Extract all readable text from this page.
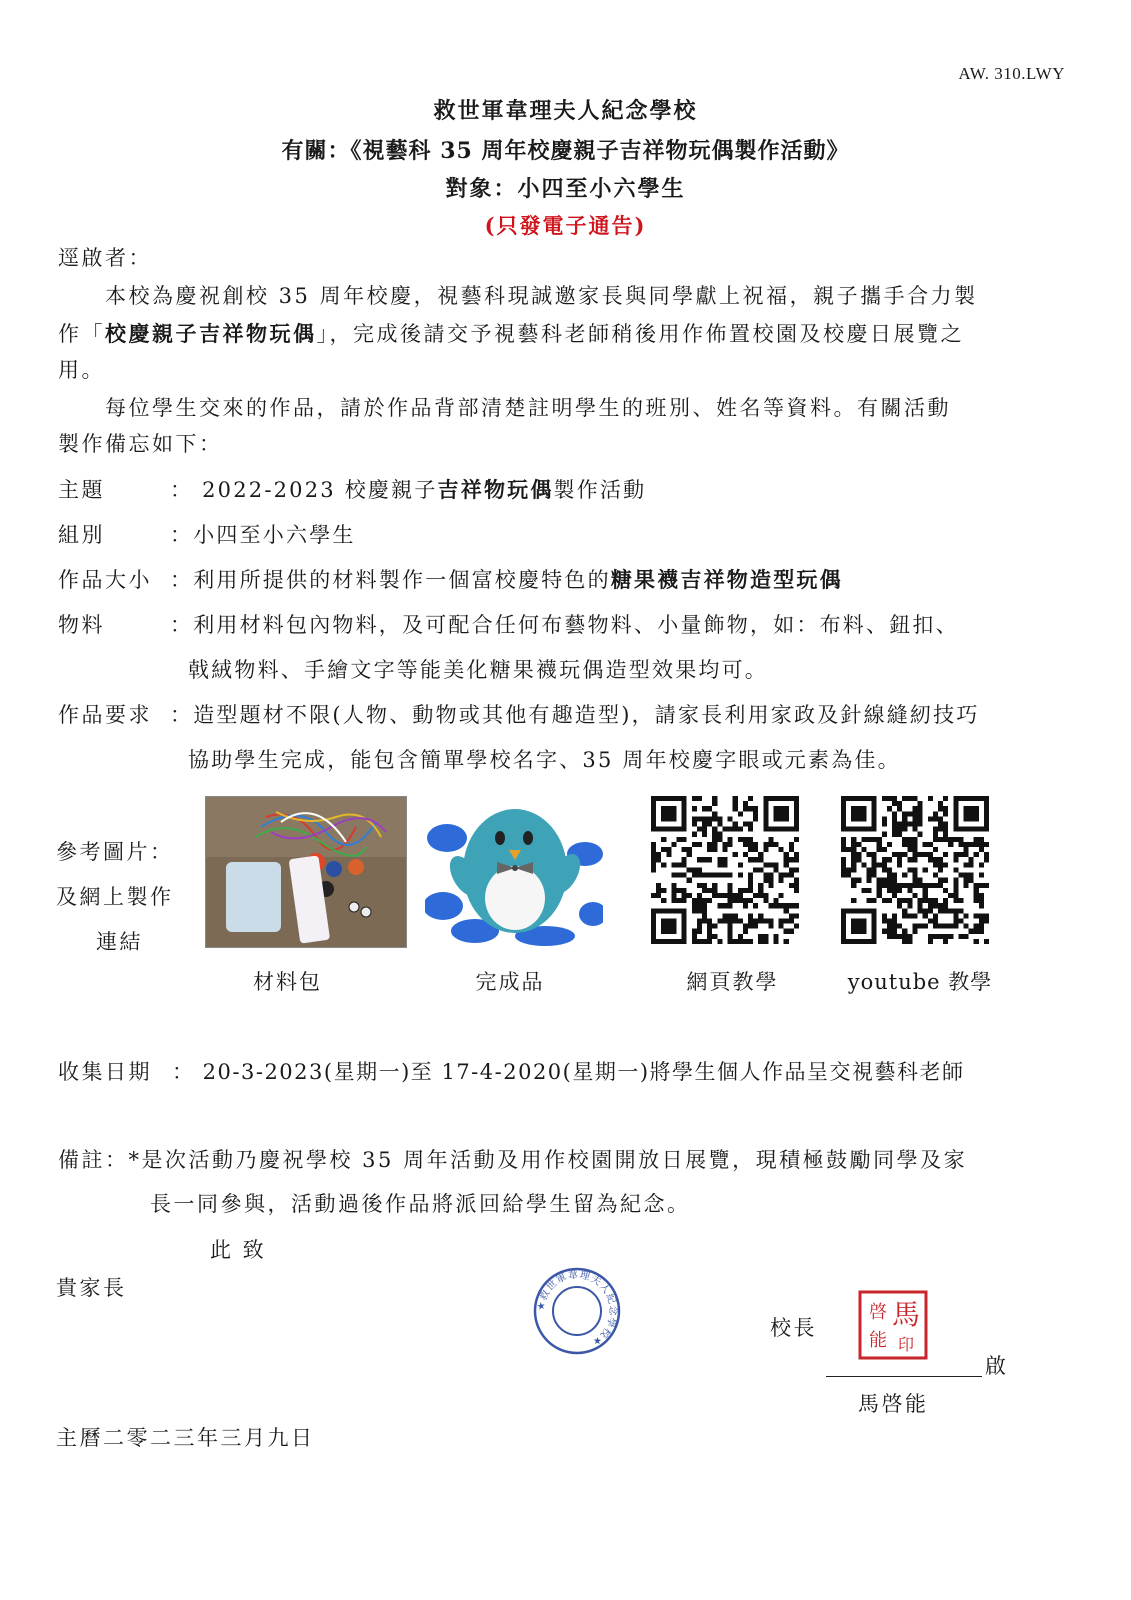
AW. 310.LWY
救世軍韋理夫人紀念學校
有關：《視藝科 35 周年校慶親子吉祥物玩偶製作活動》
對象：小四至小六學生
(只發電子通告)
逕啟者：
本校為慶祝創校 35 周年校慶，視藝科現誠邀家長與同學獻上祝福，親子攜手合力製
作「校慶親子吉祥物玩偶」，完成後請交予視藝科老師稍後用作佈置校園及校慶日展覽之
用。
每位學生交來的作品，請於作品背部清楚註明學生的班別、姓名等資料。有關活動
製作備忘如下：
主題	： 2022-2023 校慶親子吉祥物玩偶製作活動
組別	：小四至小六學生
作品大小 ：利用所提供的材料製作一個富校慶特色的糖果襪吉祥物造型玩偶
物料	：利用材料包內物料，及可配合任何布藝物料、小量飾物，如：布料、鈕扣、
戟絨物料、手繪文字等能美化糖果襪玩偶造型效果均可。
作品要求 ：造型題材不限(人物、動物或其他有趣造型)，請家長利用家政及針線縫紉技巧
協助學生完成，能包含簡單學校名字、35 周年校慶字眼或元素為佳。
參考圖片：
及網上製作
連結
材料包	完成品	網頁教學	youtube 教學
收集日期 ： 20-3-2023(星期一)至 17-4-2020(星期一)將學生個人作品呈交視藝科老師
備註：*是次活動乃慶祝學校 35 周年活動及用作校園開放日展覽，現積極鼓勵同學及家
長一同參與，活動過後作品將派回給學生留為紀念。
此 致
貴家長
★救世軍韋理夫人紀念學校★
校長	馬
啓
能 印
啟
馬啓能
主曆二零二三年三月九日
